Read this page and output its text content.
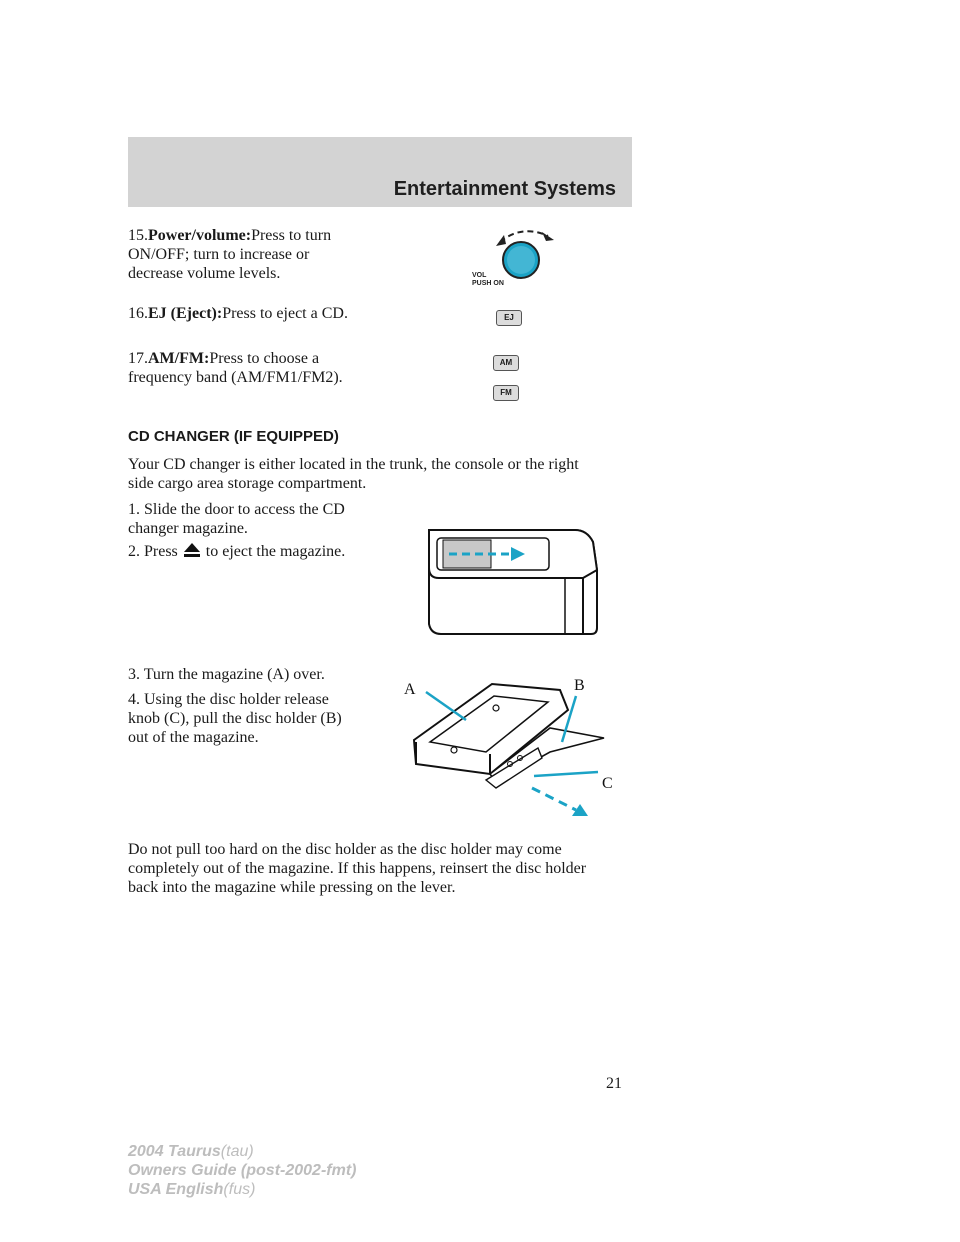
Entertainment Systems

15.Power/volume:Press to turn
ON/OFF; turn to increase or
decrease volume levels.	VOL
PUSH ON

16.EJ (Eject):Press to eject a CD.	EJ

17.AM/FM:Press to choose a
frequency band (AM/FM1/FM2).

AM
FM

CD CHANGER (IF EQUIPPED)

Your CD changer is either located in the trunk, the console or the right
side cargo area storage compartment.

1. Slide the door to access the CD
changer magazine.

2. Press to eject the magazine.

3. Turn the magazine (A) over.

4. Using the disc holder release
knob (C), pull the disc holder (B)
out of the magazine.

A	B
C

Do not pull too hard on the disc holder as the disc holder may come
completely out of the magazine. If this happens, reinsert the disc holder
back into the magazine while pressing on the lever.

21
2004 Taurus(tau)
Owners Guide (post-2002-fmt)
USA English(fus)
